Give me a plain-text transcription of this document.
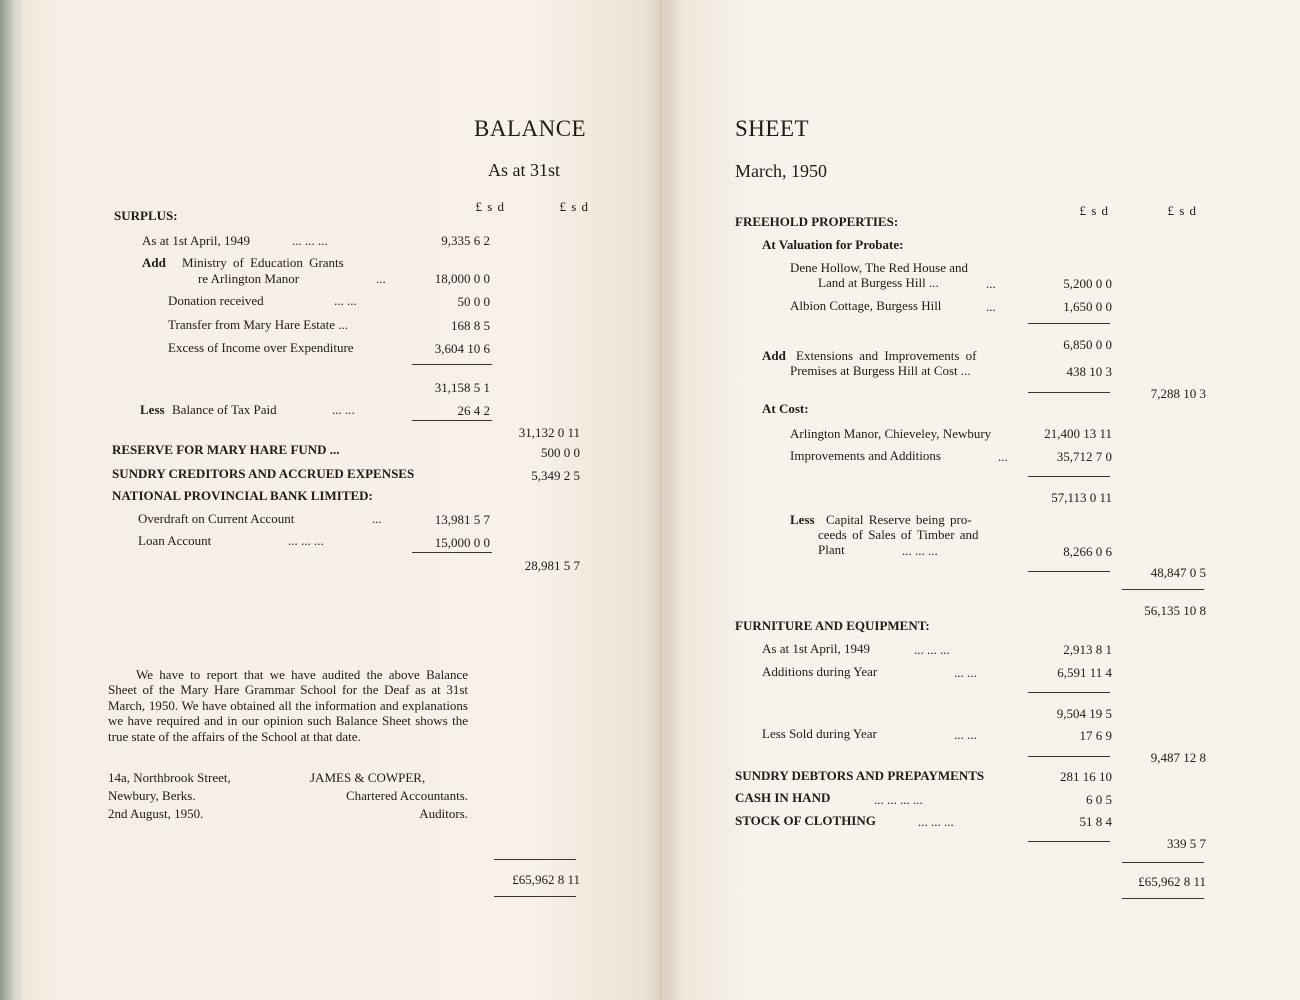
BALANCE
As at 31st
£ s d	£ s d
SURPLUS:
As at 1st April, 1949	... ... ...	9,335 6 2
Add Ministry of Education Grants
re Arlington Manor	...	18,000 0 0
Donation received	... ...	50 0 0
Transfer from Mary Hare Estate ...	168 8 5
Excess of Income over Expenditure	3,604 10 6
31,158 5 1
Less Balance of Tax Paid	... ...	26 4 2
31,132 0 11
RESERVE FOR MARY HARE FUND ...	500 0 0
SUNDRY CREDITORS AND ACCRUED EXPENSES	5,349 2 5
NATIONAL PROVINCIAL BANK LIMITED:
Overdraft on Current Account	...	13,981 5 7
Loan Account	... ... ...	15,000 0 0
28,981 5 7
We have to report that we have audited the above Balance Sheet of the Mary Hare Grammar School for the Deaf as at 31st March, 1950. We have obtained all the information and explanations we have required and in our opinion such Balance Sheet shows the true state of the affairs of the School at that date.
14a, Northbrook Street,
Newbury, Berks.
2nd August, 1950.
JAMES & COWPER,
Chartered Accountants.
Auditors.
£65,962 8 11
SHEET
March, 1950
£ s d	£ s d
FREEHOLD PROPERTIES:
At Valuation for Probate:
Dene Hollow, The Red House and
Land at Burgess Hill ...	...	5,200 0 0
Albion Cottage, Burgess Hill	...	1,650 0 0
6,850 0 0
Add Extensions and Improvements of
Premises at Burgess Hill at Cost ...	438 10 3
7,288 10 3
At Cost:
Arlington Manor, Chieveley, Newbury	21,400 13 11
Improvements and Additions	...	35,712 7 0
57,113 0 11
Less Capital Reserve being pro-
ceeds of Sales of Timber and
Plant	... ... ...	8,266 0 6
48,847 0 5
56,135 10 8
FURNITURE AND EQUIPMENT:
As at 1st April, 1949	... ... ...	2,913 8 1
Additions during Year	... ...	6,591 11 4
9,504 19 5
Less Sold during Year	... ...	17 6 9
9,487 12 8
SUNDRY DEBTORS AND PREPAYMENTS	281 16 10
CASH IN HAND	... ... ... ...	6 0 5
STOCK OF CLOTHING	... ... ...	51 8 4
339 5 7
£65,962 8 11
